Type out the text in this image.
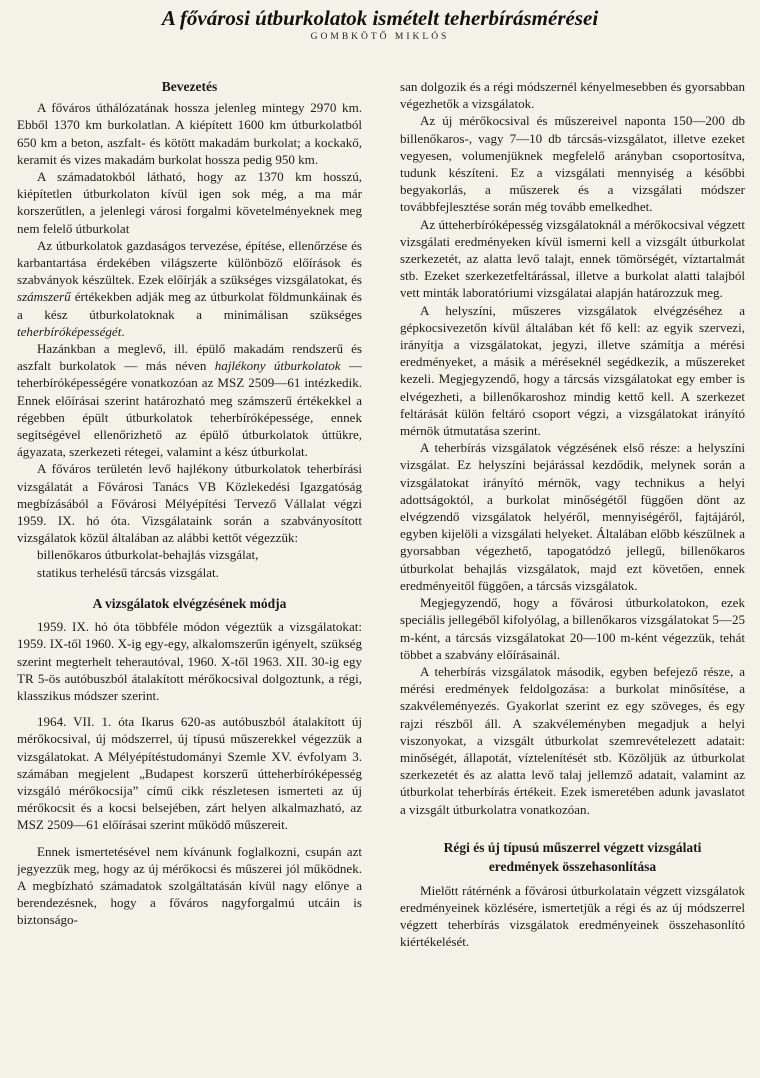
A fővárosi útburkolatok ismételt teherbírásmérései
GOMBKÖTŐ MIKLÓS
Bevezetés

A főváros úthálózatának hossza jelenleg mintegy 2970 km. Ebből 1370 km burkolatlan. A kiépített 1600 km útburkolatból 650 km a beton, aszfalt- és kötött makadám burkolat; a kockakő, keramit és vizes makadám burkolat hossza pedig 950 km.

A számadatokból látható, hogy az 1370 km hosszú, kiépítetlen útburkolaton kívül igen sok még, a ma már korszerűtlen, a jelenlegi városi forgalmi követelményeknek meg nem felelő útburkolat

Az útburkolatok gazdaságos tervezése, építése, ellenőrzése és karbantartása érdekében világszerte különböző előírások és szabványok készültek. Ezek előírják a szükséges vizsgálatokat, és számszerű értékekben adják meg az útburkolat földmunkáinak és a kész útburkolatoknak a minimálisan szükséges teherbíróképességét.

Hazánkban a meglevő, ill. épülő makadám rendszerű és aszfalt burkolatok — más néven hajlékony útburkolatok — teherbíróképességére vonatkozóan az MSZ 2509—61 intézkedik. Ennek előírásai szerint határozható meg számszerű értékekkel a régebben épült útburkolatok teherbíróképessége, ennek segítségével ellenőrizhető az épülő útburkolatok úttükre, ágyazata, szerkezeti rétegei, valamint a kész útburkolat.

A főváros területén levő hajlékony útburkolatok teherbírási vizsgálatát a Fővárosi Tanács VB Közlekedési Igazgatóság megbízásából a Fővárosi Mélyépítési Tervező Vállalat végzi 1959. IX. hó óta. Vizsgálataink során a szabványosított vizsgálatok közül általában az alábbi kettőt végezzük:

billenőkaros útburkolat-behajlás vizsgálat,

statikus terhelésű tárcsás vizsgálat.

A vizsgálatok elvégzésének módja

1959. IX. hó óta többféle módon végeztük a vizsgálatokat: 1959. IX-től 1960. X-ig egy-egy, alkalomszerűn igényelt, szükség szerint megterhelt teherautóval, 1960. X-től 1963. XII. 30-ig egy TR 5-ös autóbuszból átalakított mérőkocsival dolgoztunk, a régi, klasszikus módszer szerint.

1964. VII. 1. óta Ikarus 620-as autóbuszból átalakított új mérőkocsival, új módszerrel, új típusú műszerekkel végezzük a vizsgálatokat. A Mélyépítéstudományi Szemle XV. évfolyam 3. számában megjelent „Budapest korszerű útteherbíróképesség vizsgáló mérőkocsija” című cikk részletesen ismerteti az új mérőkocsit és a kocsi belsejében, zárt helyen alkalmazható, az MSZ 2509—61 előírásai szerint működő műszereit.

Ennek ismertetésével nem kívánunk foglalkozni, csupán azt jegyezzük meg, hogy az új mérőkocsi és műszerei jól működnek. A megbízható számadatok szolgáltatásán kívül nagy előnye a berendezésnek, hogy a főváros nagyforgalmú utcáin is biztonságo-

san dolgozik és a régi módszernél kényelmesebben és gyorsabban végezhetők a vizsgálatok.

Az új mérőkocsival és műszereivel naponta 150—200 db billenőkaros-, vagy 7—10 db tárcsás-vizsgálatot, illetve ezeket vegyesen, volumenjüknek megfelelő arányban csoportosítva, tudunk készíteni. Ez a vizsgálati mennyiség a későbbi begyakorlás, a műszerek és a vizsgálati módszer továbbfejlesztése során még tovább emelkedhet.

Az útteherbíróképesség vizsgálatoknál a mérőkocsival végzett vizsgálati eredményeken kívül ismerni kell a vizsgált útburkolat szerkezetét, az alatta levő talajt, ennek tömörségét, víztartalmát stb. Ezeket szerkezetfeltárással, illetve a burkolat alatti talajból vett minták laboratóriumi vizsgálatai alapján határozzuk meg.

A helyszíni, műszeres vizsgálatok elvégzéséhez a gépkocsivezetőn kívül általában két fő kell: az egyik szervezi, irányítja a vizsgálatokat, jegyzi, illetve számítja a mérési eredményeket, a másik a méréseknél segédkezik, a műszereket kezeli. Megjegyzendő, hogy a tárcsás vizsgálatokat egy ember is elvégezheti, a billenőkaroshoz mindig kettő kell. A szerkezet feltárását külön feltáró csoport végzi, a vizsgálatokat irányító mérnök útmutatása szerint.

A teherbírás vizsgálatok végzésének első része: a helyszíni vizsgálat. Ez helyszíni bejárással kezdődik, melynek során a vizsgálatokat irányító mérnök, vagy technikus a helyi adottságoktól, a burkolat minőségétől függően dönt az elvégzendő vizsgálatok helyéről, mennyiségéről, fajtájáról, egyben kijelöli a vizsgálati helyeket. Általában előbb készülnek a gyorsabban végezhető, tapogatódzó jellegű, billenőkaros útburkolat behajlás vizsgálatok, majd ezt követően, ennek eredményeitől függően, a tárcsás vizsgálatok.

Megjegyzendő, hogy a fővárosi útburkolatokon, ezek speciális jellegéből kifolyólag, a billenőkaros vizsgálatokat 5—25 m-ként, a tárcsás vizsgálatokat 20—100 m-ként végezzük, tehát többet a szabvány előírásainál.

A teherbírás vizsgálatok második, egyben befejező része, a mérési eredmények feldolgozása: a burkolat minősítése, a szakvéleményezés. Gyakorlat szerint ez egy szöveges, és egy rajzi részből áll. A szakvéleményben megadjuk a helyi viszonyokat, a vizsgált útburkolat szemrevételezett adatait: minőségét, állapotát, víztelenítését stb. Közöljük az útburkolat szerkezetét és az alatta levő talaj jellemző adatait, valamint az útburkolat teherbírás értékeit. Ezek ismeretében adunk javaslatot a vizsgált útburkolatra vonatkozóan.

Régi és új típusú műszerrel végzett vizsgálati
eredmények összehasonlítása

Mielőtt rátérnénk a fővárosi útburkolatain végzett vizsgálatok eredményeinek közlésére, ismertetjük a régi és az új módszerrel végzett teherbírás vizsgálatok eredményeinek összehasonlító kiértékelését.
